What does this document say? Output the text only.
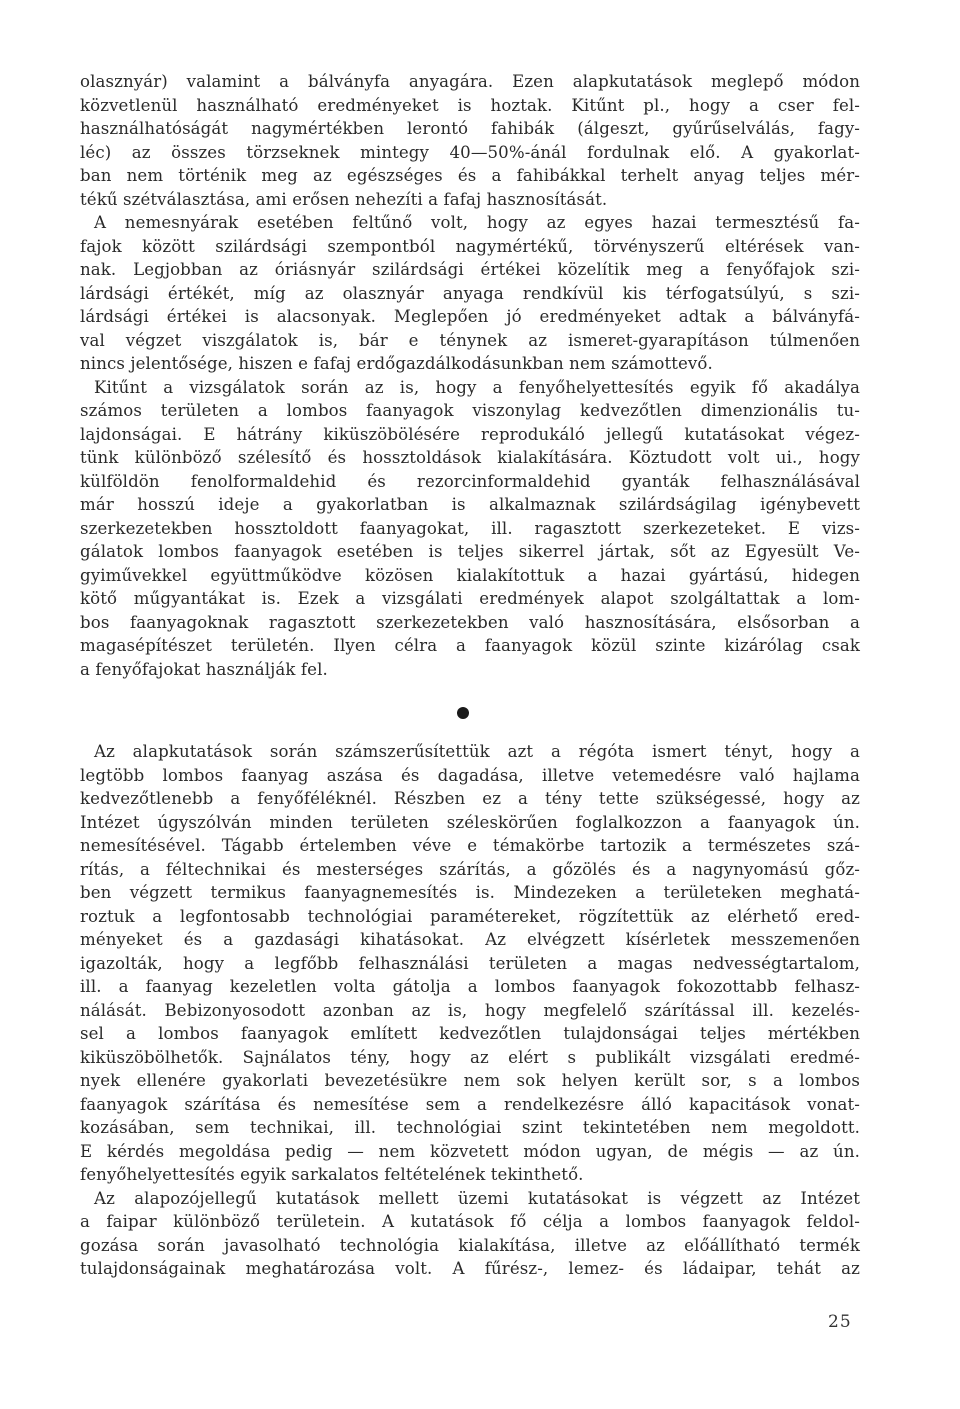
olasznyár) valamint a bálványfa anyagára. Ezen alapkutatások meglepő módon
közvetlenül használható eredményeket is hoztak. Kitűnt pl., hogy a cser fel-
használhatóságát nagymértékben lerontó fahibák (álgeszt, gyűrűselválás, fagy-
léc) az összes törzseknek mintegy 40—50%-ánál fordulnak elő. A gyakorlat-
ban nem történik meg az egészséges és a fahibákkal terhelt anyag teljes mér-
tékű szétválasztása, ami erősen nehezíti a fafaj hasznosítását.
A nemesnyárak esetében feltűnő volt, hogy az egyes hazai termesztésű fa-
fajok között szilárdsági szempontból nagymértékű, törvényszerű eltérések van-
nak. Legjobban az óriásnyár szilárdsági értékei közelítik meg a fenyőfajok szi-
lárdsági értékét, míg az olasznyár anyaga rendkívül kis térfogatsúlyú, s szi-
lárdsági értékei is alacsonyak. Meglepően jó eredményeket adtak a bálványfá-
val végzet viszgálatok is, bár e ténynek az ismeret-gyarapításon túlmenően
nincs jelentősége, hiszen e fafaj erdőgazdálkodásunkban nem számottevő.
Kitűnt a vizsgálatok során az is, hogy a fenyőhelyettesítés egyik fő akadálya
számos területen a lombos faanyagok viszonylag kedvezőtlen dimenzionális tu-
lajdonságai. E hátrány kiküszöbölésére reprodukáló jellegű kutatásokat végez-
tünk különböző szélesítő és hossztoldások kialakítására. Köztudott volt ui., hogy
külföldön fenolformaldehid és rezorcinformaldehid gyanták felhasználásával
már hosszú ideje a gyakorlatban is alkalmaznak szilárdságilag igénybevett
szerkezetekben hossztoldott faanyagokat, ill. ragasztott szerkezeteket. E vizs-
gálatok lombos faanyagok esetében is teljes sikerrel jártak, sőt az Egyesült Ve-
gyiművekkel együttműködve közösen kialakítottuk a hazai gyártású, hidegen
kötő műgyantákat is. Ezek a vizsgálati eredmények alapot szolgáltattak a lom-
bos faanyagoknak ragasztott szerkezetekben való hasznosítására, elsősorban a
magasépítészet területén. Ilyen célra a faanyagok közül szinte kizárólag csak
a fenyőfajokat használják fel.
Az alapkutatások során számszerűsítettük azt a régóta ismert tényt, hogy a
legtöbb lombos faanyag aszása és dagadása, illetve vetemedésre való hajlama
kedvezőtlenebb a fenyőféléknél. Részben ez a tény tette szükségessé, hogy az
Intézet úgyszólván minden területen széleskörűen foglalkozzon a faanyagok ún.
nemesítésével. Tágabb értelemben véve e témakörbe tartozik a természetes szá-
rítás, a féltechnikai és mesterséges szárítás, a gőzölés és a nagynyomású gőz-
ben végzett termikus faanyagnemesítés is. Mindezeken a területeken meghatá-
roztuk a legfontosabb technológiai paramétereket, rögzítettük az elérhető ered-
ményeket és a gazdasági kihatásokat. Az elvégzett kísérletek messzemenően
igazolták, hogy a legfőbb felhasználási területen a magas nedvességtartalom,
ill. a faanyag kezeletlen volta gátolja a lombos faanyagok fokozottabb felhasz-
nálását. Bebizonyosodott azonban az is, hogy megfelelő szárítással ill. kezelés-
sel a lombos faanyagok említett kedvezőtlen tulajdonságai teljes mértékben
kiküszöbölhetők. Sajnálatos tény, hogy az elért s publikált vizsgálati eredmé-
nyek ellenére gyakorlati bevezetésükre nem sok helyen került sor, s a lombos
faanyagok szárítása és nemesítése sem a rendelkezésre álló kapacitások vonat-
kozásában, sem technikai, ill. technológiai szint tekintetében nem megoldott.
E kérdés megoldása pedig — nem közvetett módon ugyan, de mégis — az ún.
fenyőhelyettesítés egyik sarkalatos feltételének tekinthető.
Az alapozójellegű kutatások mellett üzemi kutatásokat is végzett az Intézet
a faipar különböző területein. A kutatások fő célja a lombos faanyagok feldol-
gozása során javasolható technológia kialakítása, illetve az előállítható termék
tulajdonságainak meghatározása volt. A fűrész-, lemez- és ládaipar, tehát az
25
